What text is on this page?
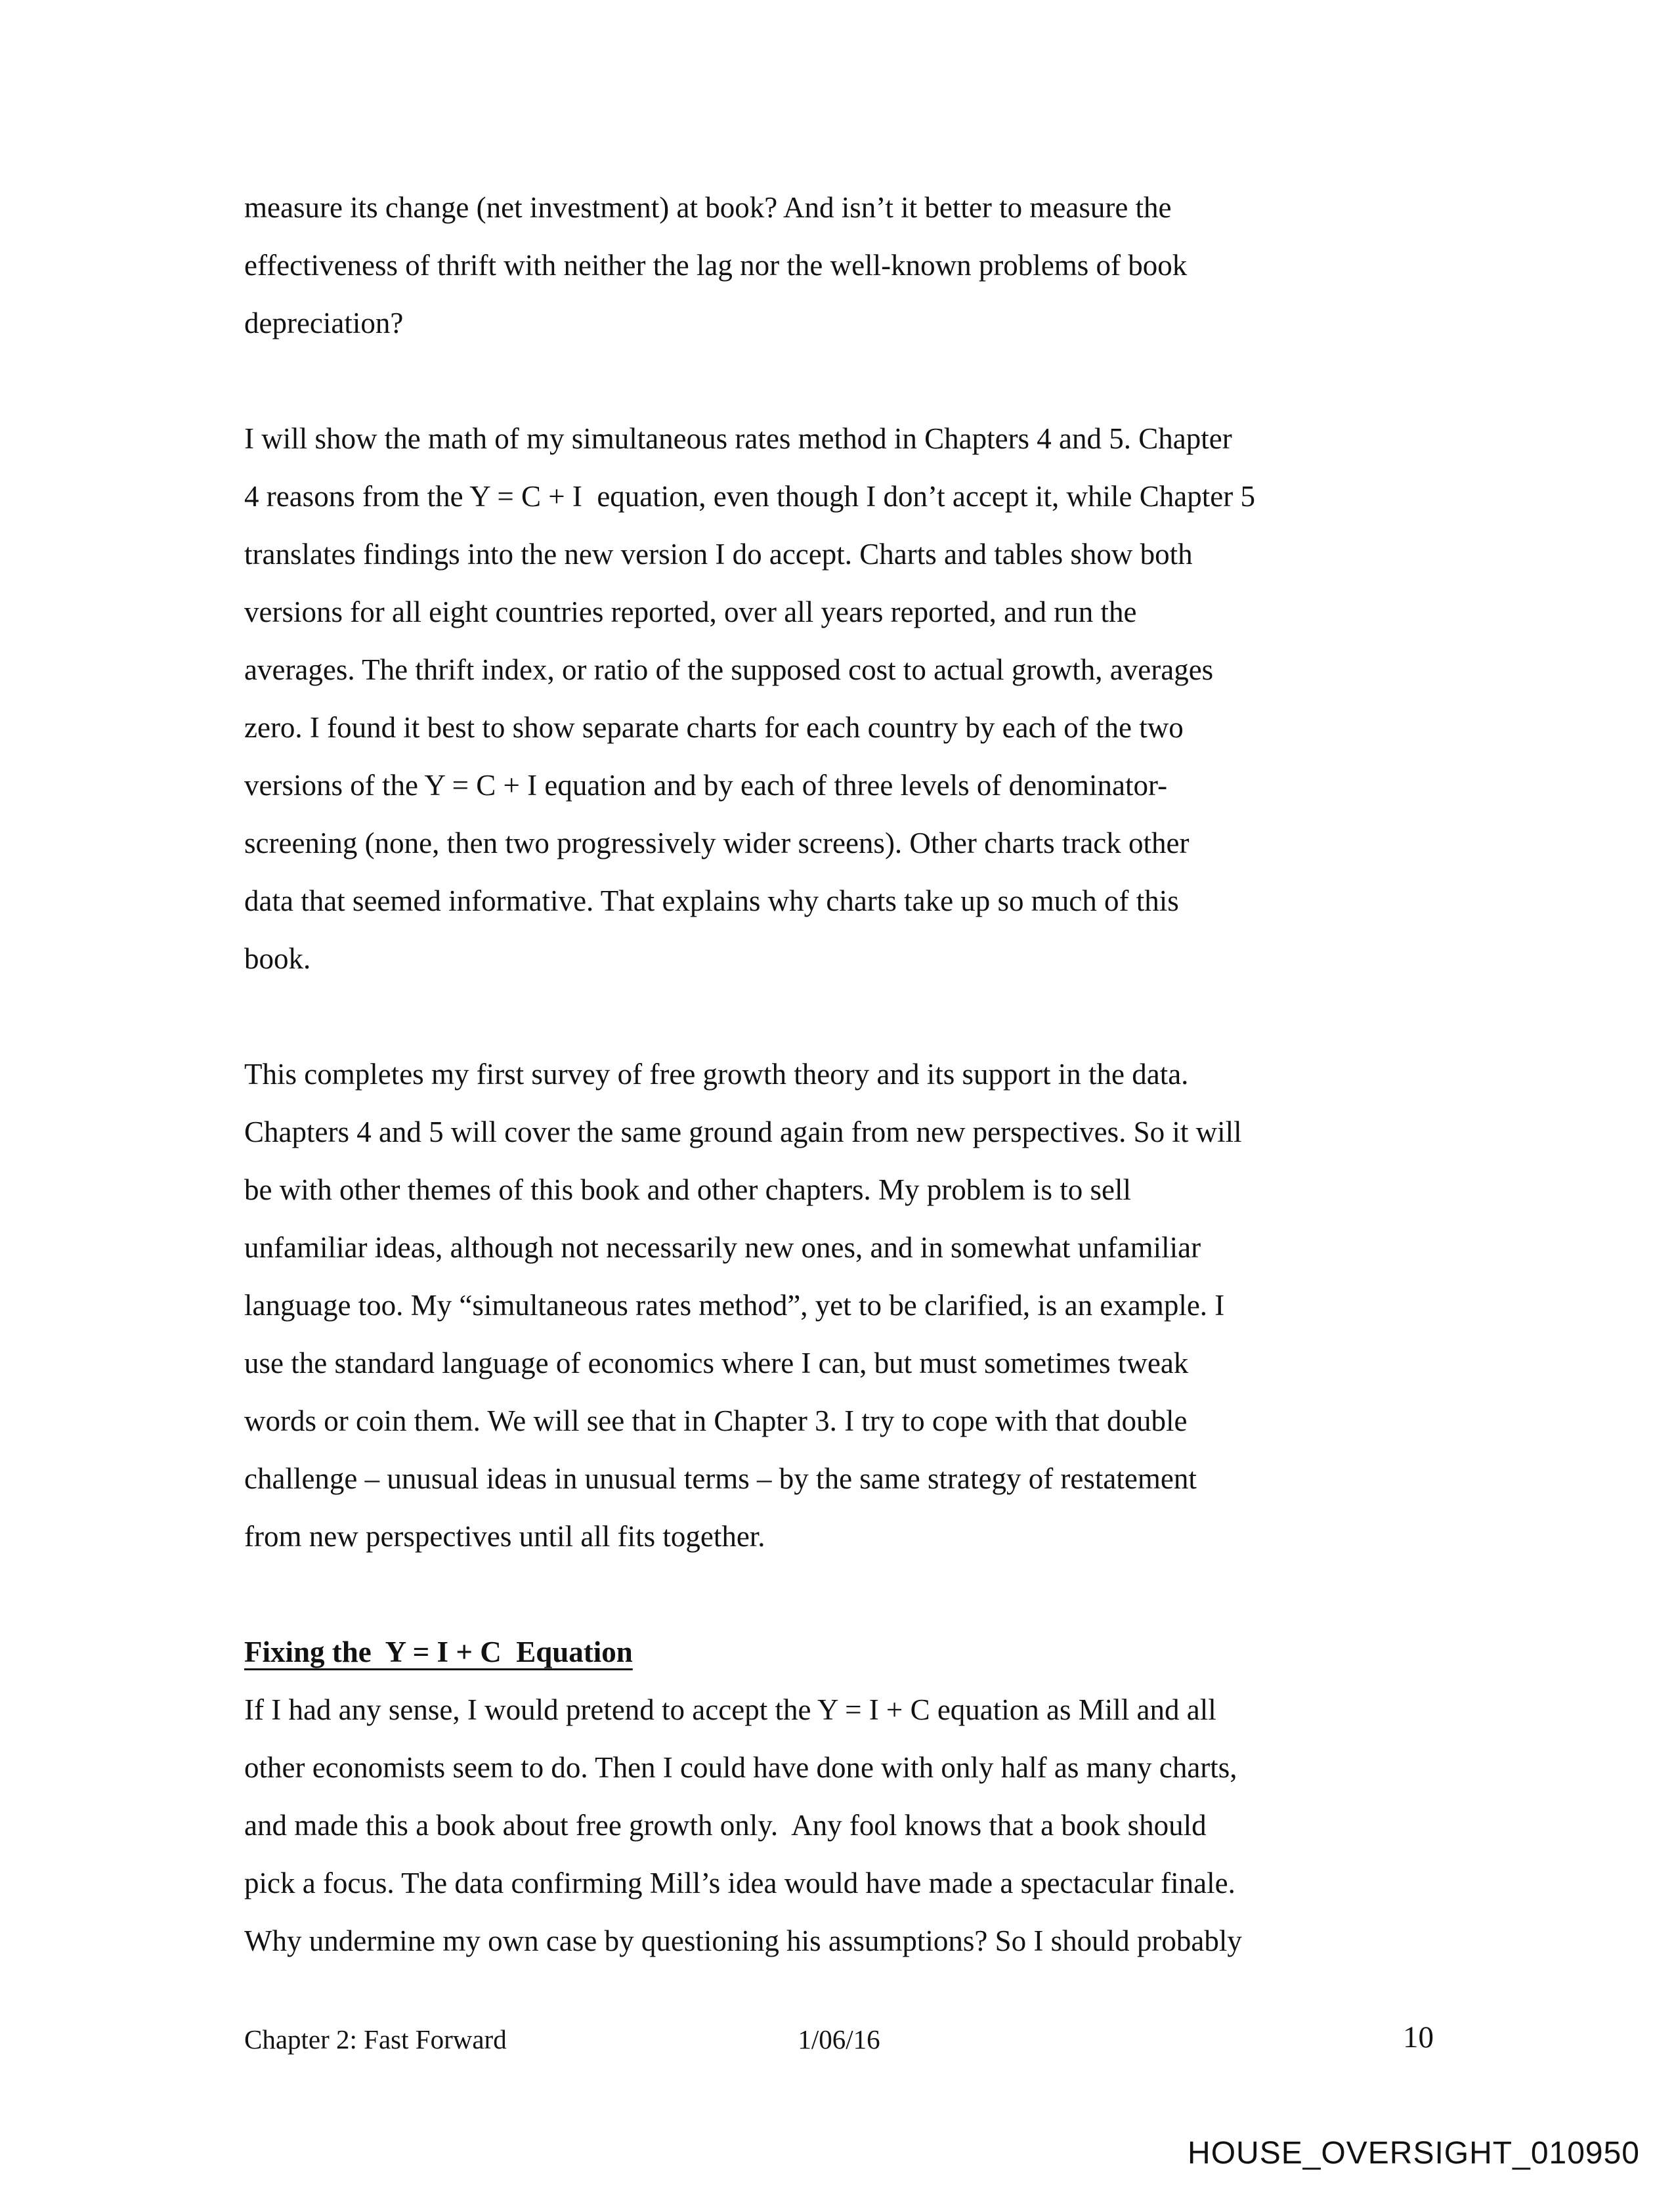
measure its change (net investment) at book? And isn’t it better to measure the
effectiveness of thrift with neither the lag nor the well-known problems of book
depreciation?
I will show the math of my simultaneous rates method in Chapters 4 and 5. Chapter
4 reasons from the Y = C + I  equation, even though I don’t accept it, while Chapter 5
translates findings into the new version I do accept. Charts and tables show both
versions for all eight countries reported, over all years reported, and run the
averages. The thrift index, or ratio of the supposed cost to actual growth, averages
zero. I found it best to show separate charts for each country by each of the two
versions of the Y = C + I equation and by each of three levels of denominator-
screening (none, then two progressively wider screens). Other charts track other
data that seemed informative. That explains why charts take up so much of this
book.
This completes my first survey of free growth theory and its support in the data.
Chapters 4 and 5 will cover the same ground again from new perspectives. So it will
be with other themes of this book and other chapters. My problem is to sell
unfamiliar ideas, although not necessarily new ones, and in somewhat unfamiliar
language too. My “simultaneous rates method”, yet to be clarified, is an example. I
use the standard language of economics where I can, but must sometimes tweak
words or coin them. We will see that in Chapter 3. I try to cope with that double
challenge – unusual ideas in unusual terms – by the same strategy of restatement
from new perspectives until all fits together.
Fixing the  Y = I + C  Equation
If I had any sense, I would pretend to accept the Y = I + C equation as Mill and all
other economists seem to do. Then I could have done with only half as many charts,
and made this a book about free growth only.  Any fool knows that a book should
pick a focus. The data confirming Mill’s idea would have made a spectacular finale.
Why undermine my own case by questioning his assumptions? So I should probably
Chapter 2: Fast Forward	1/06/16	10
HOUSE_OVERSIGHT_010950
